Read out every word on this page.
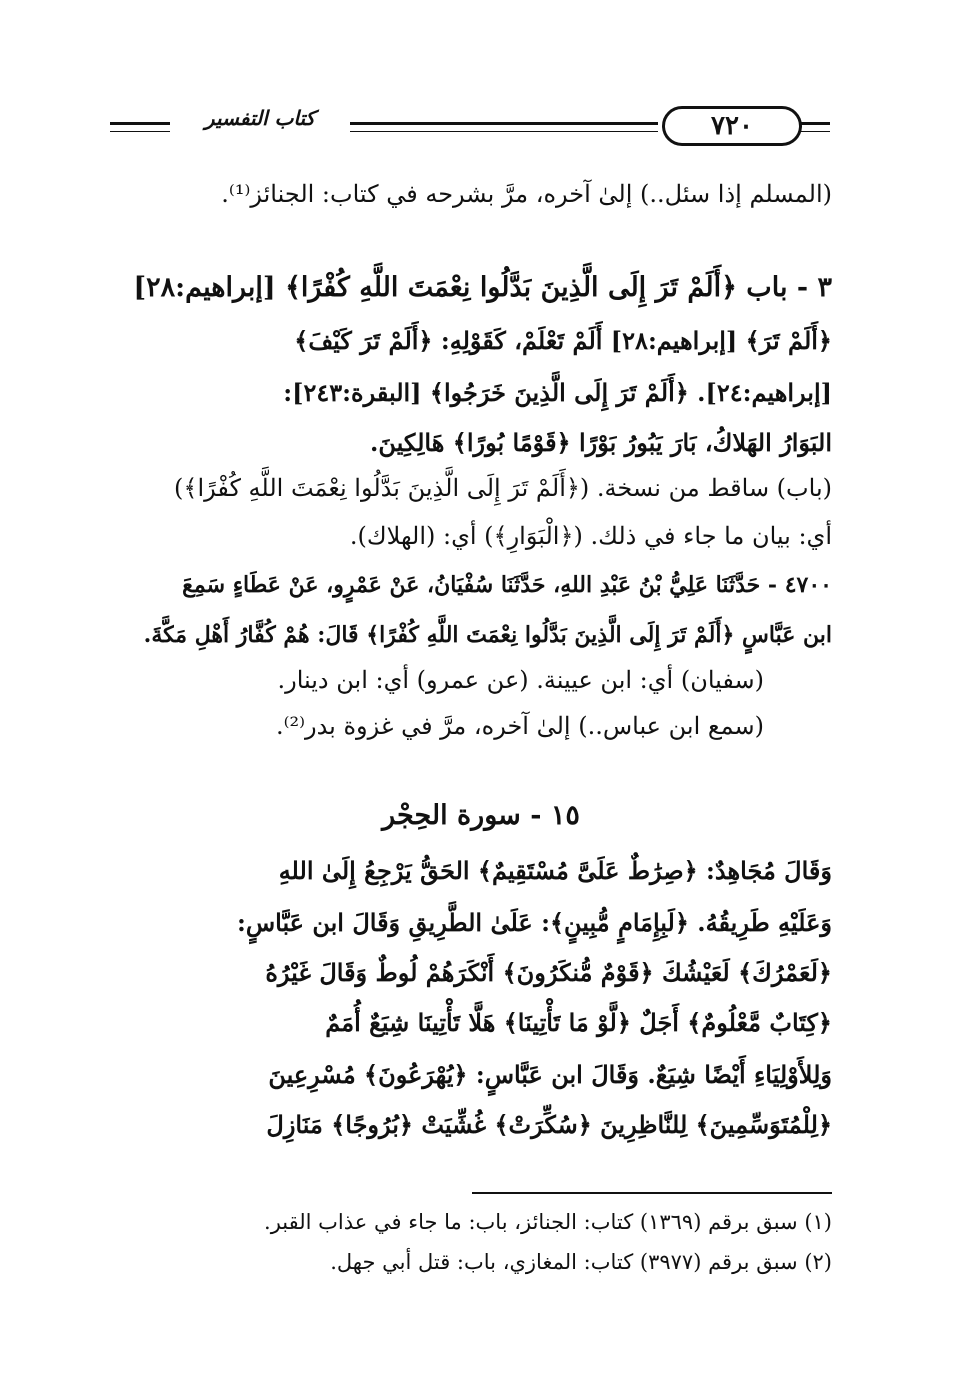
٧٢٠
كتاب التفسير
(المسلم إذا سئل..) إلىٰ آخره، مرَّ بشرحه في كتاب: الجنائز⁽¹⁾.
٣ - باب ﴿أَلَمْ تَرَ إِلَى الَّذِينَ بَدَّلُوا نِعْمَتَ اللَّهِ كُفْرًا﴾ [إبراهيم:٢٨]
﴿أَلَمْ تَرَ﴾ [إبراهيم:٢٨] أَلَمْ تَعْلَمْ، كَقَوْلِهِ: ﴿أَلَمْ تَرَ كَيْفَ﴾
[إبراهيم:٢٤]. ﴿أَلَمْ تَرَ إِلَى الَّذِينَ خَرَجُوا﴾ [البقرة:٢٤٣]:
البَوَارُ الهَلاكُ، بَارَ يَبُورُ بَوْرًا ﴿قَوْمًا بُورًا﴾ هَالِكِينَ.
(باب) ساقط من نسخة. (﴿أَلَمْ تَرَ إِلَى الَّذِينَ بَدَّلُوا نِعْمَتَ اللَّهِ كُفْرًا﴾)
أي: بيان ما جاء في ذلك. (﴿الْبَوَارِ﴾) أي: (الهلاك).
٤٧٠٠ - حَدَّثَنَا عَلِيُّ بْنُ عَبْدِ اللهِ، حَدَّثَنَا سُفْيَانُ، عَنْ عَمْرٍو، عَنْ عَطَاءٍ سَمِعَ
ابن عَبَّاسٍ ﴿أَلَمْ تَرَ إِلَى الَّذِينَ بَدَّلُوا نِعْمَتَ اللَّهِ كُفْرًا﴾ قَالَ: هُمْ كُفَّارُ أَهْلِ مَكَّةَ.
(سفيان) أي: ابن عيينة. (عن عمرو) أي: ابن دينار.
(سمع ابن عباس..) إلىٰ آخره، مرَّ في غزوة بدر⁽²⁾.
١٥ - سورة الحِجْر
وَقَالَ مُجَاهِدٌ: ﴿صِرَٰطٌ عَلَىَّ مُسْتَقِيمٌ﴾ الحَقُّ يَرْجِعُ إِلَىٰ اللهِ
وَعَلَيْهِ طَرِيقُهُ. ﴿لَبِإِمَامٍ مُّبِينٍ﴾: عَلَىٰ الطَّرِيقِ وَقَالَ ابن عَبَّاسٍ:
﴿لَعَمْرُكَ﴾ لَعَيْشُكَ ﴿قَوْمٌ مُّنكَرُونَ﴾ أَنْكَرَهُمْ لُوطٌ وَقَالَ غَيْرُهُ
﴿كِتَابٌ مَّعْلُومٌ﴾ أَجَلٌ ﴿لَّوْ مَا تَأْتِينَا﴾ هَلَّا تَأْتِينَا شِيَعٌ أُمَمٌ
وَلِلأَوْلِيَاءِ أَيْضًا شِيَعٌ. وَقَالَ ابن عَبَّاسٍ: ﴿يُهْرَعُونَ﴾ مُسْرِعِينَ
﴿لِلْمُتَوَسِّمِينَ﴾ لِلنَّاظِرِينَ ﴿سُكِّرَتْ﴾ غُشِّيَتْ ﴿بُرُوجًا﴾ مَنَازِلَ
(١) سبق برقم (١٣٦٩) كتاب: الجنائز، باب: ما جاء في عذاب القبر.
(٢) سبق برقم (٣٩٧٧) كتاب: المغازي، باب: قتل أبي جهل.
